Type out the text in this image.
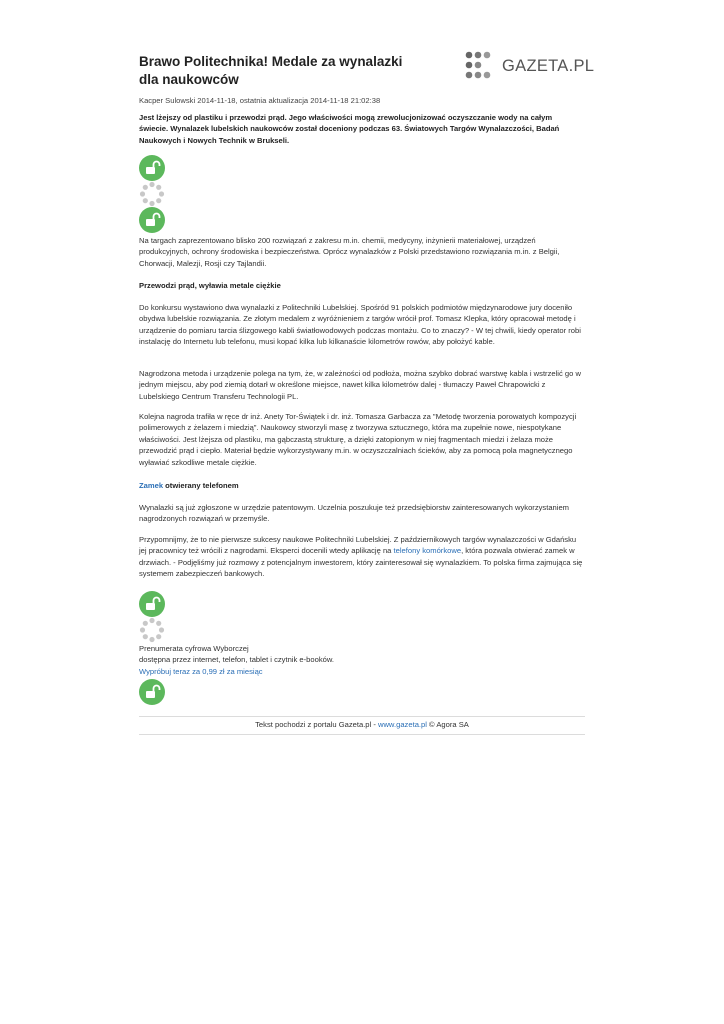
Brawo Politechnika! Medale za wynalazki dla naukowców
GAZETA.PL
Kacper Sulowski 2014-11-18, ostatnia aktualizacja 2014-11-18 21:02:38

Jest lżejszy od plastiku i przewodzi prąd. Jego właściwości mogą zrewolucjonizować oczyszczanie wody na całym świecie. Wynalazek lubelskich naukowców został doceniony podczas 63. Światowych Targów Wynalazczości, Badań Naukowych i Nowych Technik w Brukseli.

Na targach zaprezentowano blisko 200 rozwiązań z zakresu m.in. chemii, medycyny, inżynierii materiałowej, urządzeń produkcyjnych, ochrony środowiska i bezpieczeństwa. Oprócz wynalazków z Polski przedstawiono rozwiązania m.in. z Belgii, Chorwacji, Malezji, Rosji czy Tajlandii.

Przewodzi prąd, wyławia metale ciężkie

Do konkursu wystawiono dwa wynalazki z Politechniki Lubelskiej. Spośród 91 polskich podmiotów międzynarodowe jury doceniło obydwa lubelskie rozwiązania. Ze złotym medalem z wyróżnieniem z targów wrócił prof. Tomasz Klepka, który opracował metodę i urządzenie do pomiaru tarcia ślizgowego kabli światłowodowych podczas montażu. Co to znaczy? - W tej chwili, kiedy operator robi instalację do Internetu lub telefonu, musi kopać kilka lub kilkanaście kilometrów rowów, aby położyć kable.

Nagrodzona metoda i urządzenie polega na tym, że, w zależności od podłoża, można szybko dobrać warstwę kabla i wstrzelić go w jednym miejscu, aby pod ziemią dotarł w określone miejsce, nawet kilka kilometrów dalej - tłumaczy Paweł Chrapowicki z Lubelskiego Centrum Transferu Technologii PL.

Kolejna nagroda trafiła w ręce dr inż. Anety Tor-Świątek i dr. inż. Tomasza Garbacza za "Metodę tworzenia porowatych kompozycji polimerowych z żelazem i miedzią". Naukowcy stworzyli masę z tworzywa sztucznego, która ma zupełnie nowe, niespotykane właściwości. Jest lżejsza od plastiku, ma gąbczastą strukturę, a dzięki zatopionym w niej fragmentach miedzi i żelaza może przewodzić prąd i ciepło. Materiał będzie wykorzystywany m.in. w oczyszczalniach ścieków, aby za pomocą pola magnetycznego wyławiać szkodliwe metale ciężkie.

Zamek otwierany telefonem

Wynalazki są już zgłoszone w urzędzie patentowym. Uczelnia poszukuje też przedsiębiorstw zainteresowanych wykorzystaniem nagrodzonych rozwiązań w przemyśle.

Przypomnijmy, że to nie pierwsze sukcesy naukowe Politechniki Lubelskiej. Z październikowych targów wynalazczości w Gdańsku jej pracownicy też wrócili z nagrodami. Eksperci docenili wtedy aplikację na telefony komórkowe, która pozwala otwierać zamek w drzwiach. - Podjęliśmy już rozmowy z potencjalnym inwestorem, który zainteresował się wynalazkiem. To polska firma zajmująca się systemem zabezpieczeń bankowych.

Prenumerata cyfrowa Wyborczej
dostępna przez internet, telefon, tablet i czytnik e-booków.
Wypróbuj teraz za 0,99 zł za miesiąc
Tekst pochodzi z portalu Gazeta.pl - www.gazeta.pl © Agora SA
